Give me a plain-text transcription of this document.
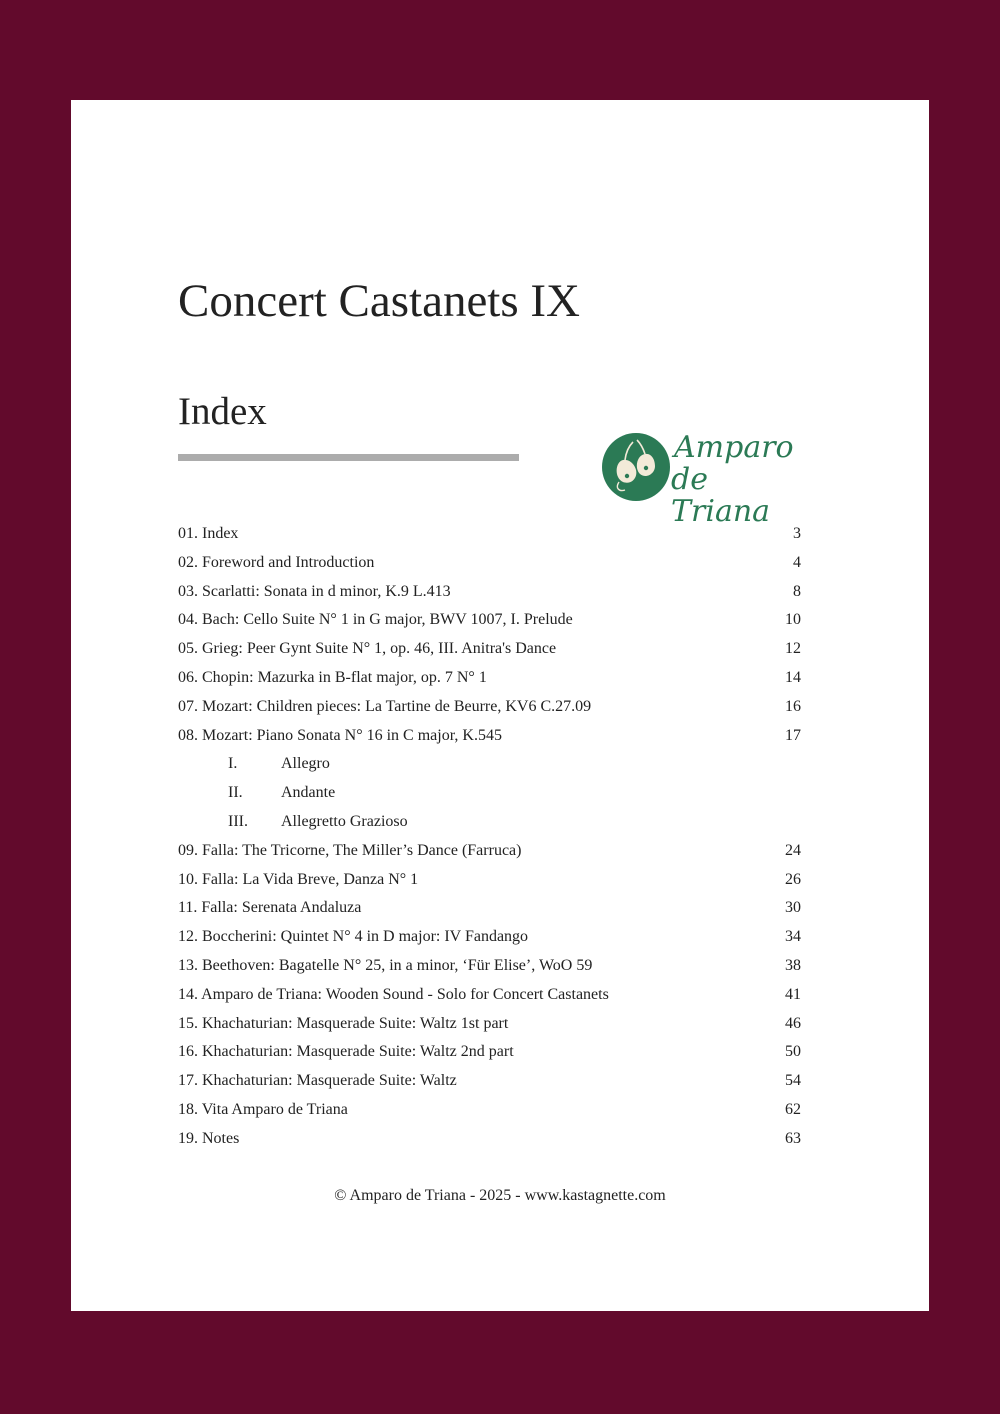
Concert Castanets IX
Index
Amparo
de Triana
01. Index	3
02. Foreword and Introduction	4
03. Scarlatti: Sonata in d minor, K.9 L.413	8
04. Bach: Cello Suite N° 1 in G major, BWV 1007, I. Prelude	10
05. Grieg: Peer Gynt Suite N° 1, op. 46, III. Anitra's Dance	12
06. Chopin: Mazurka in B-flat major, op. 7 N° 1	14
07. Mozart: Children pieces: La Tartine de Beurre, KV6 C.27.09	16
08. Mozart: Piano Sonata N° 16 in C major, K.545	17
I.	Allegro
II. Andante
III. Allegretto Grazioso
09. Falla: The Tricorne, The Miller’s Dance (Farruca)	24
10. Falla: La Vida Breve, Danza N° 1	26
11. Falla: Serenata Andaluza	30
12. Boccherini: Quintet N° 4 in D major: IV Fandango	34
13. Beethoven: Bagatelle N° 25, in a minor, ‘Für Elise’, WoO 59	38
14. Amparo de Triana: Wooden Sound - Solo for Concert Castanets	41
15. Khachaturian: Masquerade Suite: Waltz 1st part	46
16. Khachaturian: Masquerade Suite: Waltz 2nd part	50
17. Khachaturian: Masquerade Suite: Waltz	54
18. Vita Amparo de Triana	62
19. Notes	63
© Amparo de Triana - 2025 - www.kastagnette.com
